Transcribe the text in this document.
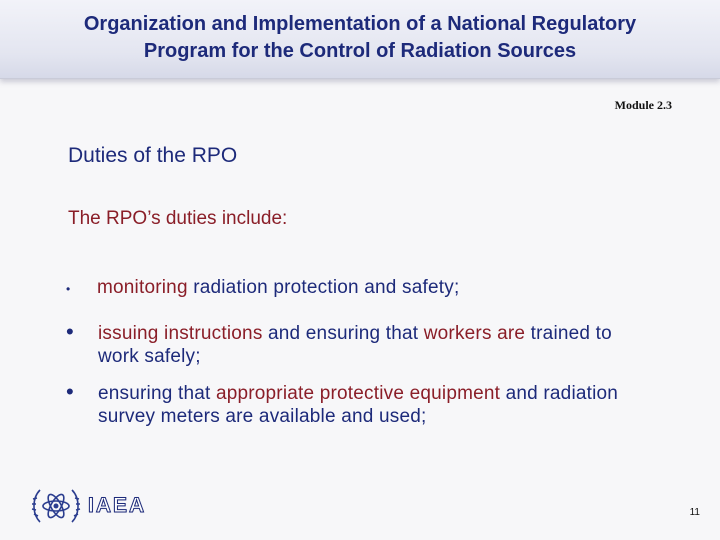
Organization and Implementation of a National Regulatory
Program for the Control of Radiation Sources
Module 2.3
Duties of the RPO

The RPO’s duties include:

• monitoring radiation protection and safety;
• issuing instructions and ensuring that workers are trained to work safely;
• ensuring that appropriate protective equipment and radiation survey meters are available and used;
IAEA	11
